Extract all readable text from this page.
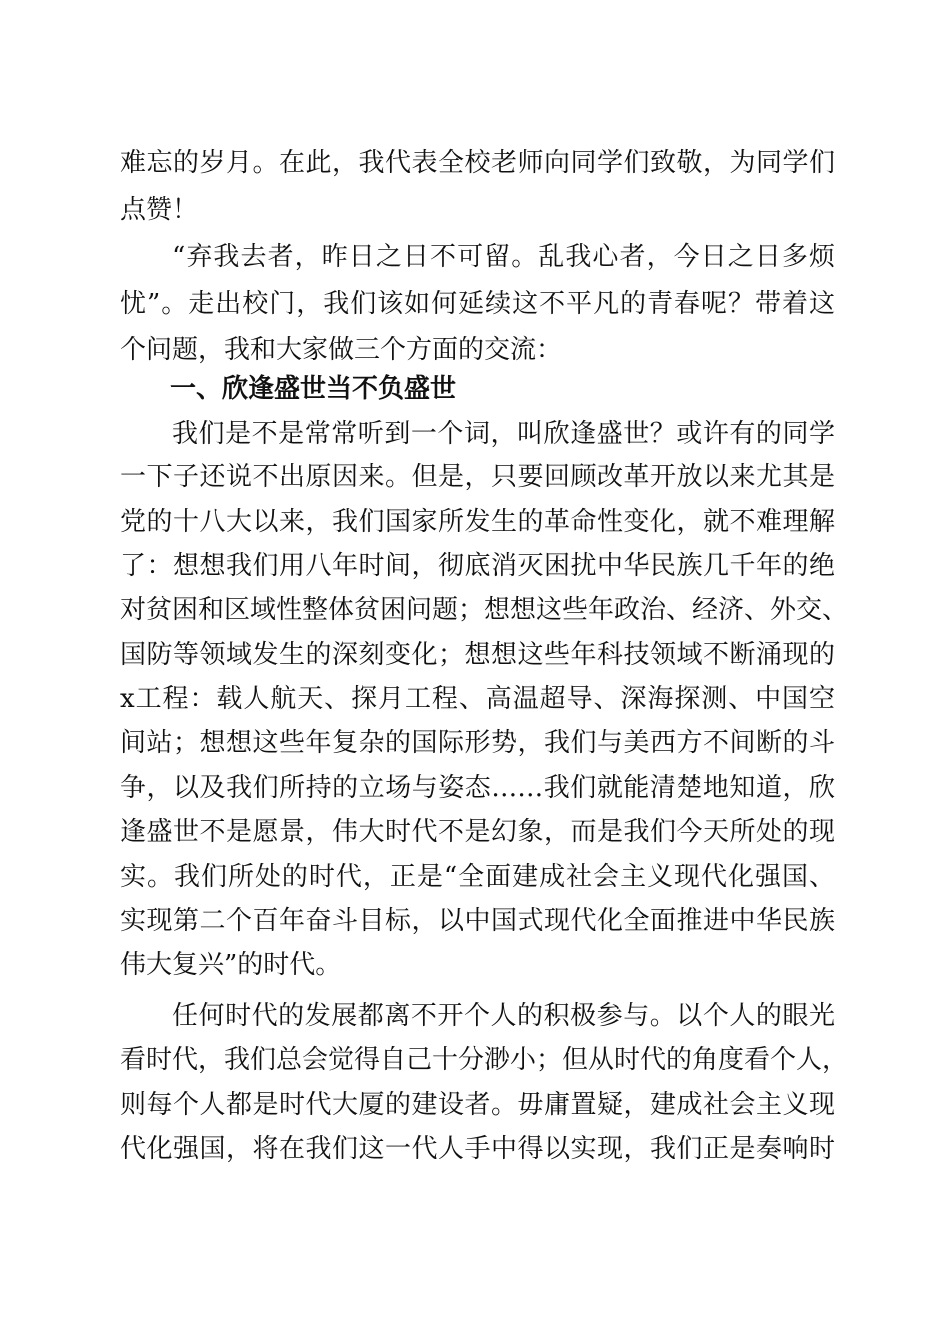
难忘的岁月。在此，我代表全校老师向同学们致敬，为同学们
点赞！
“弃我去者，昨日之日不可留。乱我心者，今日之日多烦
忧”。走出校门，我们该如何延续这不平凡的青春呢？带着这
个问题，我和大家做三个方面的交流：
一、欣逢盛世当不负盛世
我们是不是常常听到一个词，叫欣逢盛世？或许有的同学
一下子还说不出原因来。但是，只要回顾改革开放以来尤其是
党的十八大以来，我们国家所发生的革命性变化，就不难理解
了：想想我们用八年时间，彻底消灭困扰中华民族几千年的绝
对贫困和区域性整体贫困问题；想想这些年政治、经济、外交、
国防等领域发生的深刻变化；想想这些年科技领域不断涌现的
x工程：载人航天、探月工程、高温超导、深海探测、中国空
间站；想想这些年复杂的国际形势，我们与美西方不间断的斗
争，以及我们所持的立场与姿态……我们就能清楚地知道，欣
逢盛世不是愿景，伟大时代不是幻象，而是我们今天所处的现
实。我们所处的时代，正是“全面建成社会主义现代化强国、
实现第二个百年奋斗目标，以中国式现代化全面推进中华民族
伟大复兴”的时代。
任何时代的发展都离不开个人的积极参与。以个人的眼光
看时代，我们总会觉得自己十分渺小；但从时代的角度看个人，
则每个人都是时代大厦的建设者。毋庸置疑，建成社会主义现
代化强国，将在我们这一代人手中得以实现，我们正是奏响时
